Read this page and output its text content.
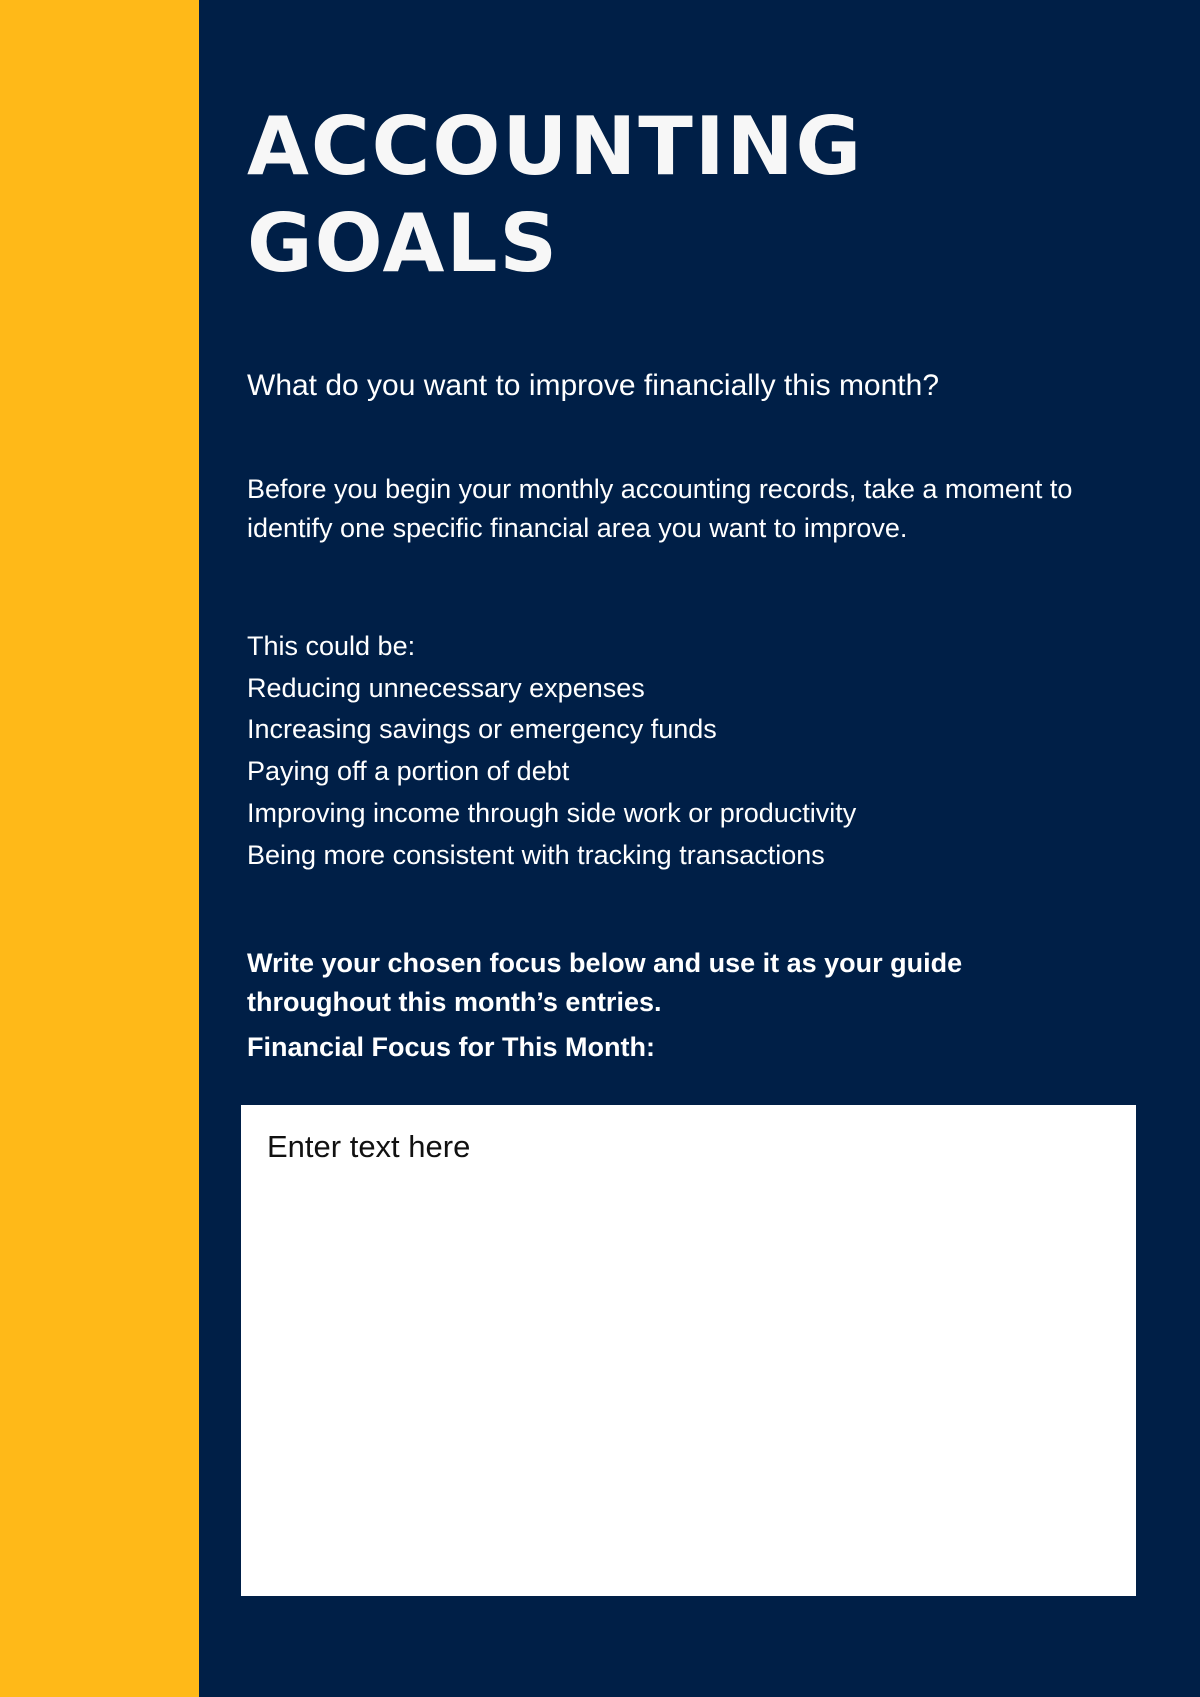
ACCOUNTING
GOALS

What do you want to improve financially this month?

Before you begin your monthly accounting records, take a moment to identify one specific financial area you want to improve.

This could be:
Reducing unnecessary expenses
Increasing savings or emergency funds
Paying off a portion of debt
Improving income through side work or productivity
Being more consistent with tracking transactions

Write your chosen focus below and use it as your guide throughout this month’s entries.

Financial Focus for This Month:

Enter text here
